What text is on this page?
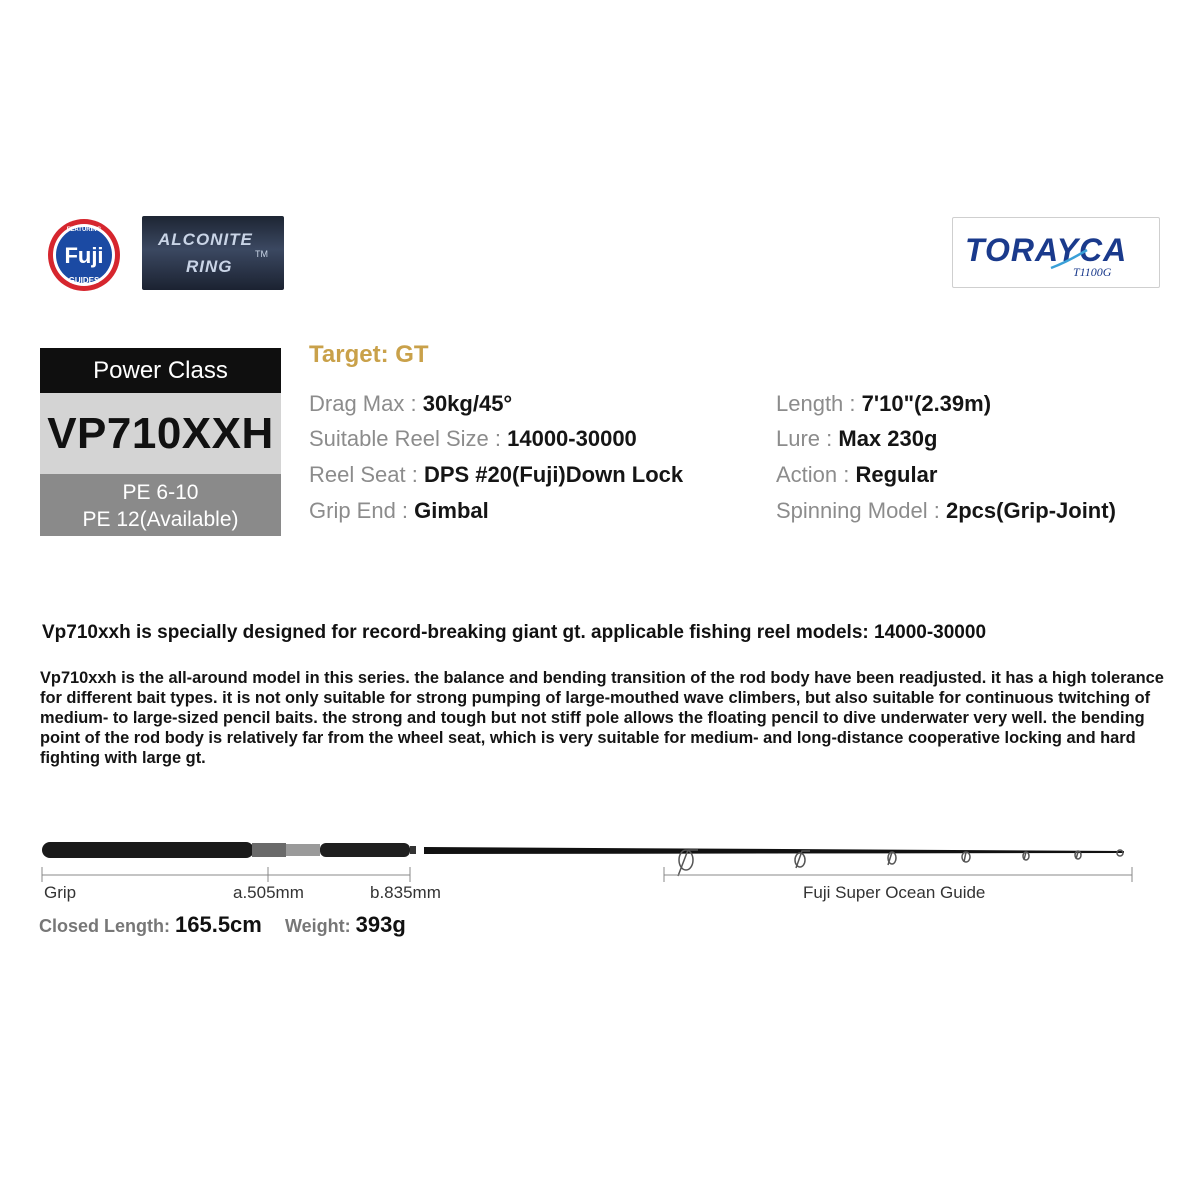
FEATURING
Fuji
GUIDES
ALCONITE
RING
TM	TORAYCA
T1100G
Power Class
VP710XXH
PE 6-10
PE 12(Available)
Target: GT
Drag Max : 30kg/45°
Suitable Reel Size : 14000-30000
Reel Seat : DPS #20(Fuji)Down Lock
Grip End : Gimbal
Length : 7'10"(2.39m)
Lure : Max 230g
Action : Regular
Spinning Model : 2pcs(Grip-Joint)
Vp710xxh is specially designed for record-breaking giant gt. applicable fishing reel models: 14000-30000
Vp710xxh is the all-around model in this series. the balance and bending transition of the rod body have been readjusted. it has a high tolerance for different bait types. it is not only suitable for strong pumping of large-mouthed wave climbers, but also suitable for continuous twitching of medium- to large-sized pencil baits. the strong and tough but not stiff pole allows the floating pencil to dive underwater very well. the bending point of the rod body is relatively far from the wheel seat, which is very suitable for medium- and long-distance cooperative locking and hard fighting with large gt.
Grip	a.505mm	b.835mm	Fuji Super Ocean Guide
Closed Length: 165.5cm Weight: 393g
